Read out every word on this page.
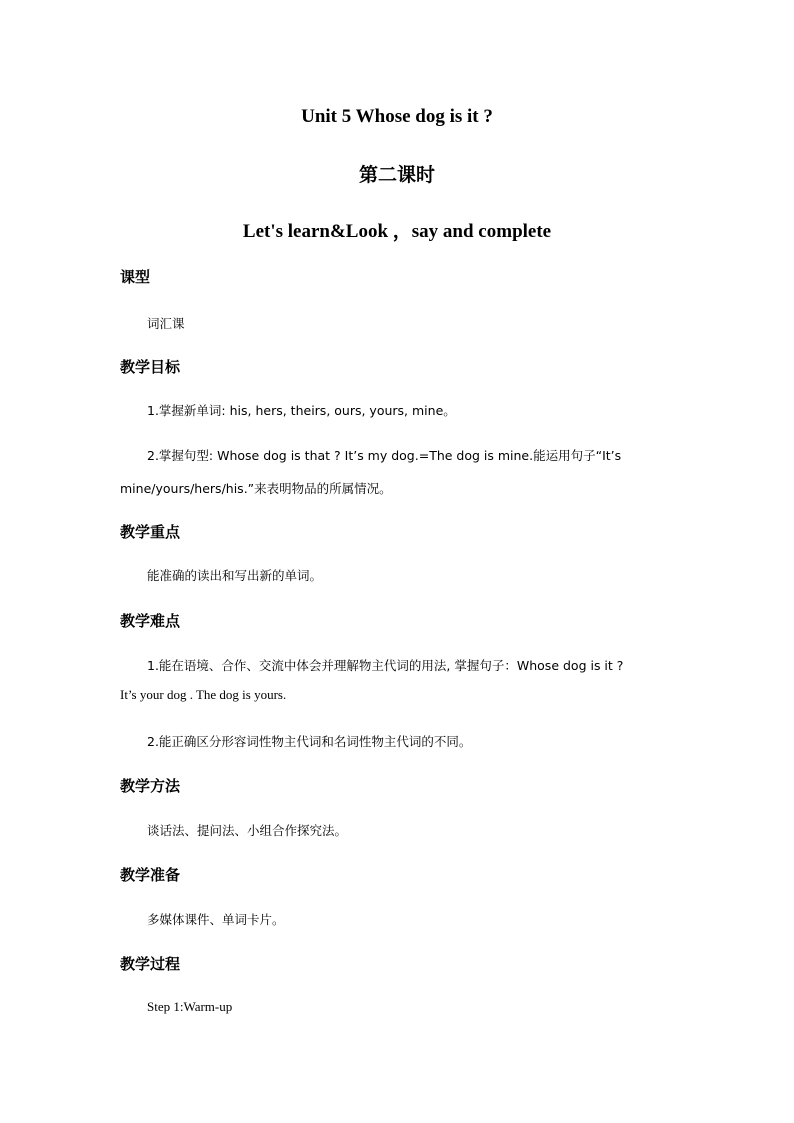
Unit 5 Whose dog is it ?
第二课时
Let's learn&Look ，say and complete
课型
词汇课
教学目标
1.掌握新单词: his, hers, theirs, ours, yours, mine。
2.掌握句型: Whose dog is that ? It’s my dog.=The dog is mine.能运用句子“It’s
mine/yours/hers/his.”来表明物品的所属情况。
教学重点
能准确的读出和写出新的单词。
教学难点
1.能在语境、合作、交流中体会并理解物主代词的用法, 掌握句子：Whose dog is it ?
It’s your dog . The dog is yours.
2.能正确区分形容词性物主代词和名词性物主代词的不同。
教学方法
谈话法、提问法、小组合作探究法。
教学准备
多媒体课件、单词卡片。
教学过程
Step 1:Warm-up
